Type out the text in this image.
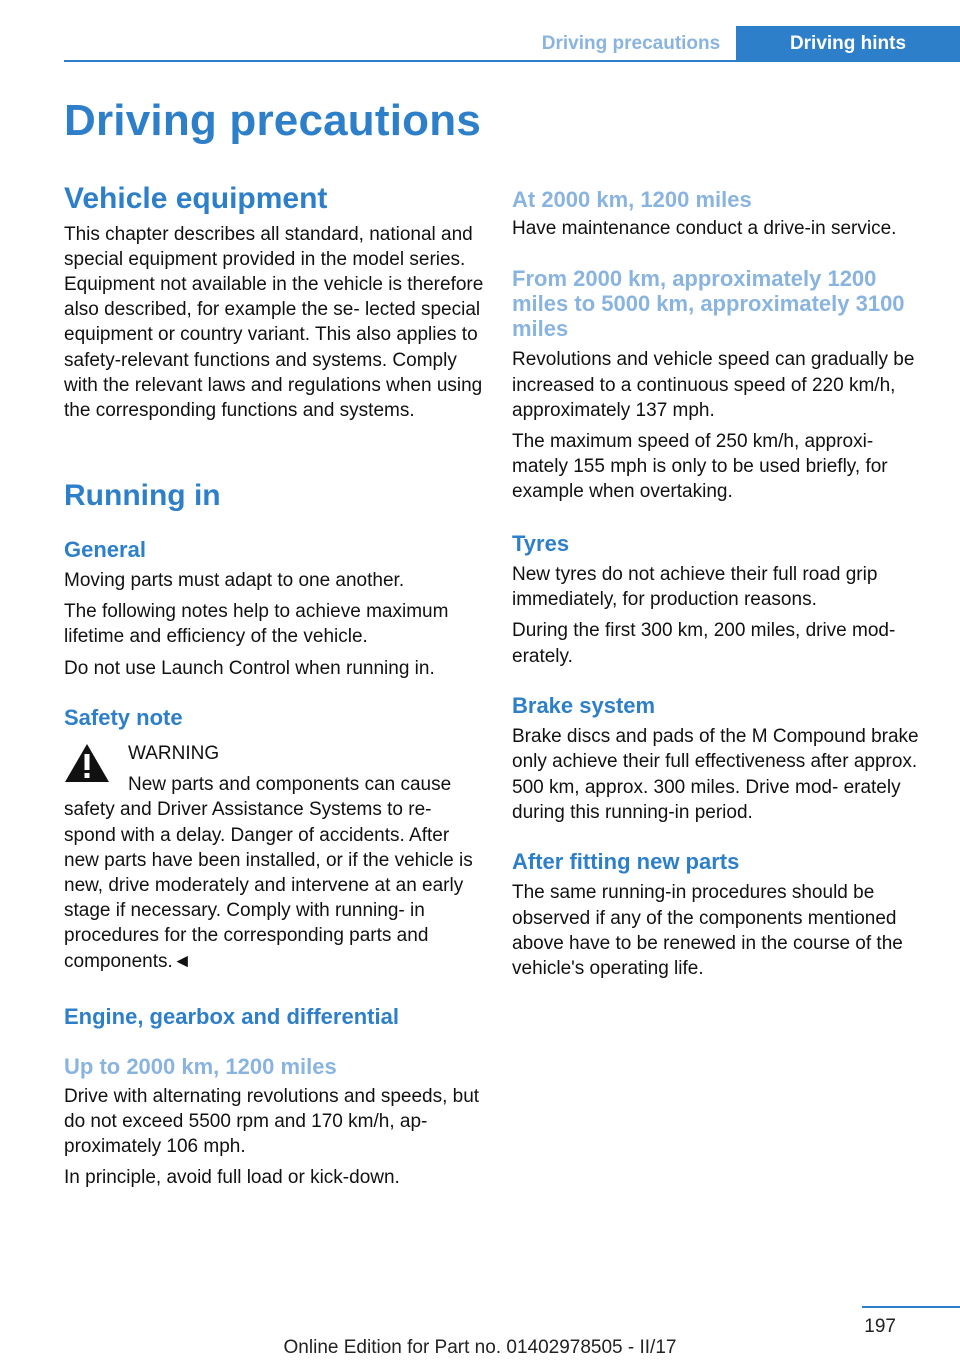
Driving precautions	Driving hints
Driving precautions
Vehicle equipment

This chapter describes all standard, national and special equipment provided in the model series. Equipment not available in the vehicle is therefore also described, for example the se‐ lected special equipment or country variant. This also applies to safety-relevant functions and systems. Comply with the relevant laws and regulations when using the corresponding functions and systems.

Running in
General

Moving parts must adapt to one another.

The following notes help to achieve maximum lifetime and efficiency of the vehicle.

Do not use Launch Control when running in.

Safety note
WARNING

New parts and components can cause

safety and Driver Assistance Systems to re‐ spond with a delay. Danger of accidents. After new parts have been installed, or if the vehicle is new, drive moderately and intervene at an early stage if necessary. Comply with running- in procedures for the corresponding parts and components.◄

Engine, gearbox and differential
Up to 2000 km, 1200 miles

Drive with alternating revolutions and speeds, but do not exceed 5500 rpm and 170 km/h, ap‐ proximately 106 mph.

In principle, avoid full load or kick-down.

At 2000 km, 1200 miles

Have maintenance conduct a drive-in service.

From 2000 km, approximately 1200 miles to 5000 km, approximately 3100 miles

Revolutions and vehicle speed can gradually be increased to a continuous speed of 220 km/h, approximately 137 mph.

The maximum speed of 250 km/h, approxi‐ mately 155 mph is only to be used briefly, for example when overtaking.

Tyres

New tyres do not achieve their full road grip immediately, for production reasons.

During the first 300 km, 200 miles, drive mod‐ erately.

Brake system

Brake discs and pads of the M Compound brake only achieve their full effectiveness after approx. 500 km, approx. 300 miles. Drive mod‐ erately during this running-in period.

After fitting new parts

The same running-in procedures should be observed if any of the components mentioned above have to be renewed in the course of the vehicle's operating life.

197
Online Edition for Part no. 01402978505 - II/17
